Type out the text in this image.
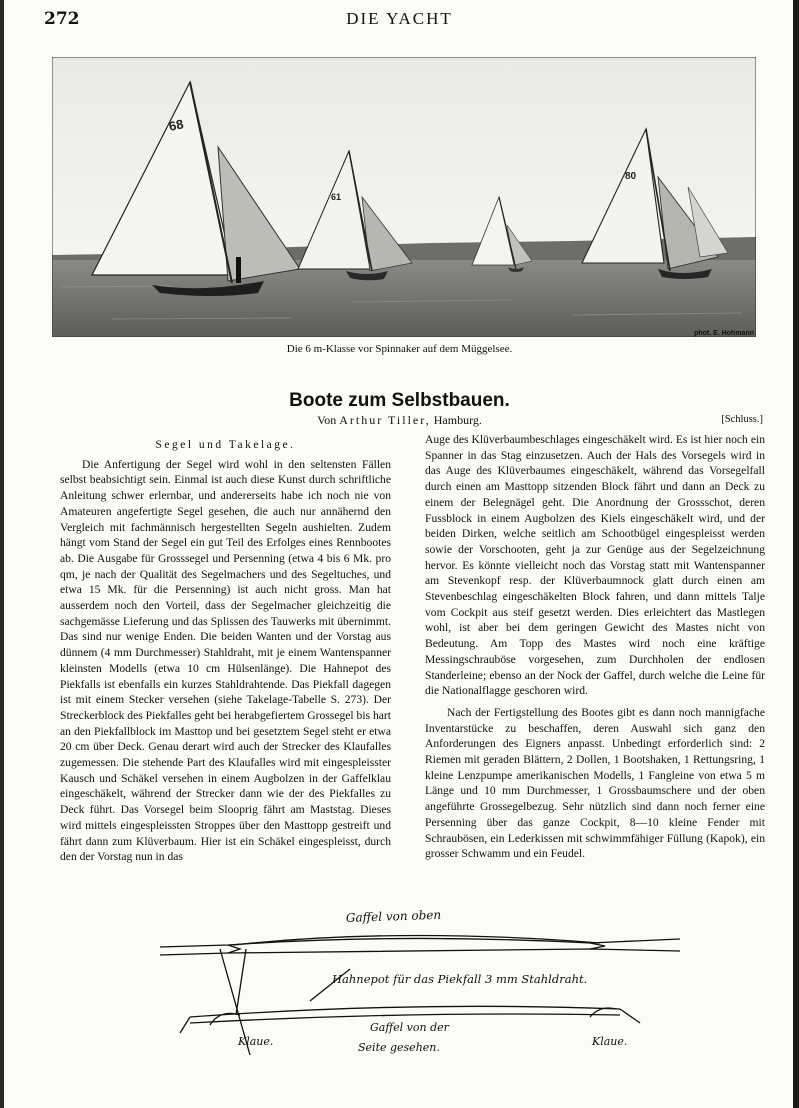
272	DIE YACHT
68
61
80
phot. E. Hohmann
Die 6 m-Klasse vor Spinnaker auf dem Müggelsee.
Boote zum Selbstbauen.
Von Arthur Tiller, Hamburg.	[Schluss.]
Segel und Takelage.

Die Anfertigung der Segel wird wohl in den seltensten Fällen selbst beabsichtigt sein. Einmal ist auch diese Kunst durch schriftliche Anleitung schwer erlernbar, und andererseits habe ich noch nie von Amateuren angefertigte Segel gesehen, die auch nur annähernd den Vergleich mit fachmännisch hergestellten Segeln aushielten. Zudem hängt vom Stand der Segel ein gut Teil des Erfolges eines Rennbootes ab. Die Ausgabe für Grosssegel und Persenning (etwa 4 bis 6 Mk. pro qm, je nach der Qualität des Segelmachers und des Segeltuches, und etwa 15 Mk. für die Persenning) ist auch nicht gross. Man hat ausserdem noch den Vorteil, dass der Segelmacher gleichzeitig die sachgemässe Lieferung und das Splissen des Tauwerks mit übernimmt. Das sind nur wenige Enden. Die beiden Wanten und der Vorstag aus dünnem (4 mm Durchmesser) Stahldraht, mit je einem Wantenspanner kleinsten Modells (etwa 10 cm Hülsenlänge). Die Hahnepot des Piekfalls ist ebenfalls ein kurzes Stahldrahtende. Das Piekfall dagegen ist mit einem Stecker versehen (siehe Takelage-Tabelle S. 273). Der Streckerblock des Piekfalles geht bei herabgefiertem Grossegel bis hart an den Piekfallblock im Masttop und bei gesetztem Segel steht er etwa 20 cm über Deck. Genau derart wird auch der Strecker des Klaufalles zugemessen. Die stehende Part des Klaufalles wird mit eingespleisster Kausch und Schäkel versehen in einem Augbolzen in der Gaffelklau eingeschäkelt, während der Strecker dann wie der des Piekfalles zu Deck führt. Das Vorsegel beim Slooprig fährt am Maststag. Dieses wird mittels eingespleissten Stroppes über den Masttopp gestreift und fährt dann zum Klüverbaum. Hier ist ein Schäkel eingespleisst, durch den der Vorstag nun in das

Auge des Klüverbaumbeschlages eingeschäkelt wird. Es ist hier noch ein Spanner in das Stag einzusetzen. Auch der Hals des Vorsegels wird in das Auge des Klüverbaumes eingeschäkelt, während das Vorsegelfall durch einen am Masttopp sitzenden Block fährt und dann an Deck zu einem der Belegnägel geht. Die Anordnung der Grossschot, deren Fussblock in einem Augbolzen des Kiels eingeschäkelt wird, und der beiden Dirken, welche seitlich am Schootbügel eingespleisst werden sowie der Vorschooten, geht ja zur Genüge aus der Segelzeichnung hervor. Es könnte vielleicht noch das Vorstag statt mit Wantenspanner am Stevenkopf resp. der Klüverbaumnock glatt durch einen am Stevenbeschlag eingeschäkelten Block fahren, und dann mittels Talje vom Cockpit aus steif gesetzt werden. Dies erleichtert das Mastlegen wohl, ist aber bei dem geringen Gewicht des Mastes nicht von Bedeutung. Am Topp des Mastes wird noch eine kräftige Messingschrauböse vorgesehen, zum Durchholen der endlosen Standerleine; ebenso an der Nock der Gaffel, durch welche die Leine für die Nationalflagge geschoren wird.

Nach der Fertigstellung des Bootes gibt es dann noch mannigfache Inventarstücke zu beschaffen, deren Auswahl sich ganz den Anforderungen des Eigners anpasst. Unbedingt erforderlich sind: 2 Riemen mit geraden Blättern, 2 Dollen, 1 Bootshaken, 1 Rettungsring, 1 kleine Lenzpumpe amerikanischen Modells, 1 Fangleine von etwa 5 m Länge und 10 mm Durchmesser, 1 Grossbaumschere und der oben angeführte Grossegelbezug. Sehr nützlich sind dann noch ferner eine Persenning über das ganze Cockpit, 8—10 kleine Fender mit Schraubösen, ein Lederkissen mit schwimmfähiger Füllung (Kapok), ein grosser Schwamm und ein Feudel.

Gaffel von oben
Hahnepot für das Piekfall 3 mm Stahldraht.
Gaffel von der
Seite gesehen.
Klaue.	Klaue.
